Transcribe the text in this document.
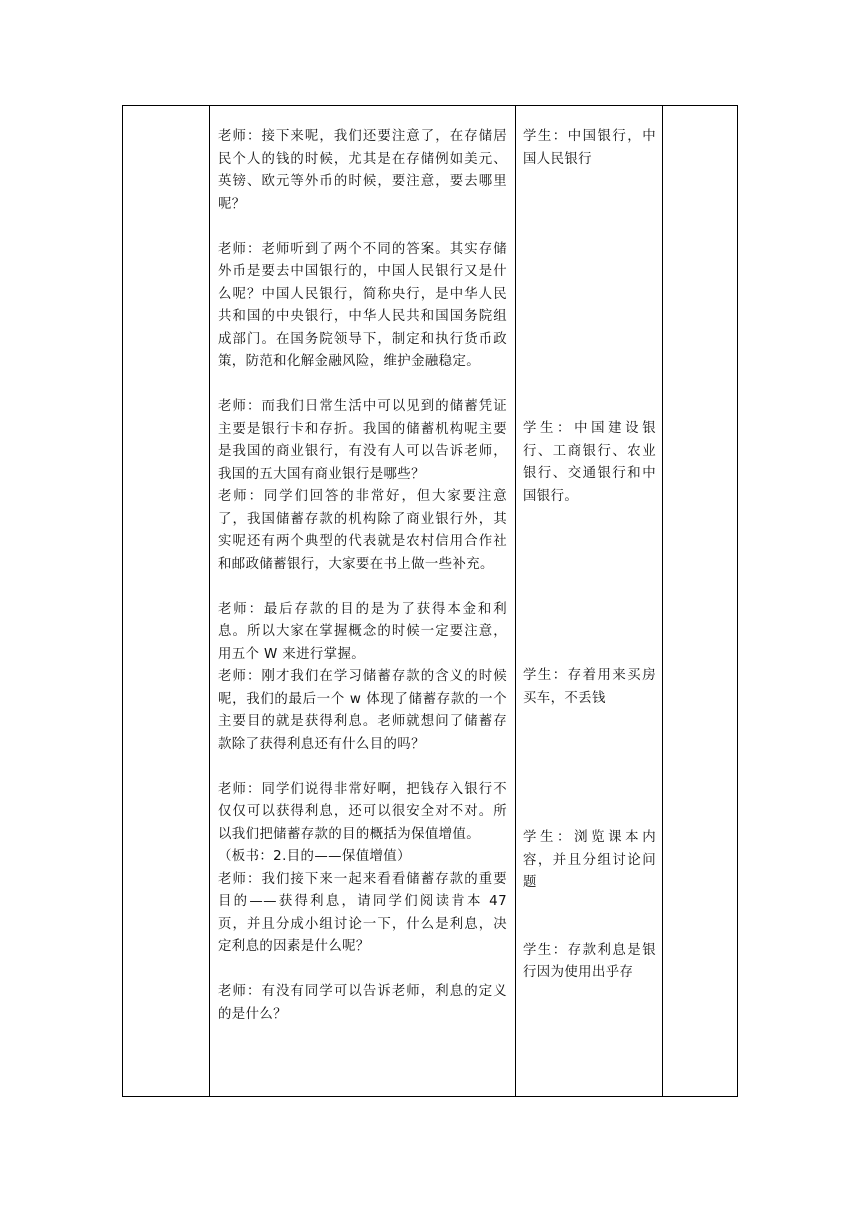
老师：接下来呢，我们还要注意了，在存储居民个人的钱的时候，尤其是在存储例如美元、英镑、欧元等外币的时候，要注意，要去哪里呢？

老师：老师听到了两个不同的答案。其实存储外币是要去中国银行的，中国人民银行又是什么呢？中国人民银行，简称央行，是中华人民共和国的中央银行，中华人民共和国国务院组成部门。在国务院领导下，制定和执行货币政策，防范和化解金融风险，维护金融稳定。

老师：而我们日常生活中可以见到的储蓄凭证主要是银行卡和存折。我国的储蓄机构呢主要是我国的商业银行，有没有人可以告诉老师，我国的五大国有商业银行是哪些？

老师：同学们回答的非常好，但大家要注意了，我国储蓄存款的机构除了商业银行外，其实呢还有两个典型的代表就是农村信用合作社和邮政储蓄银行，大家要在书上做一些补充。

老师：最后存款的目的是为了获得本金和利息。所以大家在掌握概念的时候一定要注意，用五个 W 来进行掌握。

老师：刚才我们在学习储蓄存款的含义的时候呢，我们的最后一个 w 体现了储蓄存款的一个主要目的就是获得利息。老师就想问了储蓄存款除了获得利息还有什么目的吗？

老师：同学们说得非常好啊，把钱存入银行不仅仅可以获得利息，还可以很安全对不对。所以我们把储蓄存款的目的概括为保值增值。

（板书：2.目的——保值增值）

老师：我们接下来一起来看看储蓄存款的重要目的——获得利息，请同学们阅读肯本 47 页，并且分成小组讨论一下，什么是利息，决定利息的因素是什么呢？

老师：有没有同学可以告诉老师，利息的定义的是什么？

学生：中国银行，中国人民银行

学生：中国建设银行、工商银行、农业银行、交通银行和中国银行。

学生：存着用来买房买车，不丢钱

学生：浏览课本内容，并且分组讨论问题

学生：存款利息是银行因为使用出乎存
